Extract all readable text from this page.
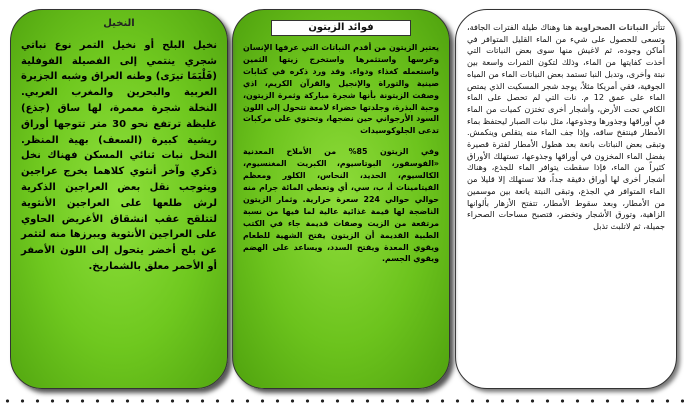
تتأثر النباتات الصحراوية هنا وهناك طيلة الفترات الجافة، وتسعى للحصول على شيء من الماء القليل المتوافر في أماكن وجوده، ثم لاغيش منها سوى بعض النباتات التي أخذت كفايتها من الماء، وذلك لتكون الثمرات واسعة بين نبتة وأخرى، وتدبل النبا تستمد بعض النباتات الماء من المياه الجوفية، فقي أمريكا مثلاً، يوجد شجر المسكيت الذي يمتص الماء على عمق 12 م. نات التي لم تحصل على الماء الكافي تحت الأرض، وأشجار أخرى تختزن كميات من الماء في أوراقها وجذورها وجذوعها، مثل نبات الصبار ليحتفظ بماء الأمطار فينتفخ ساقه، وإذا جف الماء منه يتقلص وينكمش. وتبقى بعض النباتات بانعة بعد هطول الأمطار لفترة قصيرة بفضل الماء المخزون في أوراقها وجذوعها، تستهلك الأوراق كثيراً من الماء، فإذا سقطت يتوافر الماء للجذع، وهناك أشجار أخرى لها أوراق دقيقة جداً، فلا تستهلك إلا قليلا من الماء المتوافر في الجذع، وتبقى النبتة يانعة بين موسمين من الأمطار، وبعد سقوط الأمطار، تتفتح الأزهار بألوانها الزاهية، وتورق الأشجار وتخضر، فتصبح مساحات الصحراء جميلة، ثم لاتلبث تذبل

فوائد الزيتون

يعتبر الزيتون من أقدم النباتات التي عرفها الإنسان وغرسها واستثمرها واستخرج زيتها الثمين واستعمله كغذاء ودواء. وقد ورد ذكره في كتابات صينية والتوراة والإنجيل والقرآن الكريم، اذي وصفت الزيتونة بأنها شجرة مباركة وثمرة الزيتون، وحبة البذرة، وجلدتها خضراء لامعة تتحول إلى اللون السود الأرجواني حين نضجها، وتحتوي على مركبات تدعى الجلوكوسيدات

وفي الزيتون 85% من الأملاح المعدنية «الفوسفور، البوتاسيوم، الكبريت المغنسيوم، الكالسيوم، الحديد، النحاس، الكلور ومعظم الفيتامينات أ، ب، سي، أي وتعطي المائة جرام منه حوالي حوالي 224 سعرة حرارية. وثمار الزيتون الناضجة لها قيمة غذائية عالية لما فيها من نسبة مرتفعة من الزيت وصفات قديمة جاء في الكتب الطبية القديمة أن الزيتون يفتح الشهية للطعام ويقوي المعدة ويفتح السدد، ويساعد على الهضم ويقوي الجسم.

النخيل

نخيل البلح أو نخيل التمر نوع نباتي شجري ينتمي إلى الفصيلة الفوفلية (فَلْيَمَا تيرَى) وطنه العراق وشبه الجزيرة العربية والبحرين والمغرب العربي. النخلة شجرة معمرة، لها ساق (جذع) غليظة ترتفع نحو 30 متر تتوجها أوراق ريشية كبيرة (السعف) بهية المنظر. النخل نبات ثنائي المسكن فهناك نخل ذكري وآخر أنثوي كلاهما يخرج عراجين ويتوجب نقل بعض العراجين الذكرية لرش طلعها على العراجين الأنثوية لتتلقح عقب انشقاق الأغريض الحاوي على العراجين الأنثوية ويبرزها منه لتثمر عن بلح أخضر يتحول إلى اللون الأصفر أو الأحمر معلق بالشماريخ.
